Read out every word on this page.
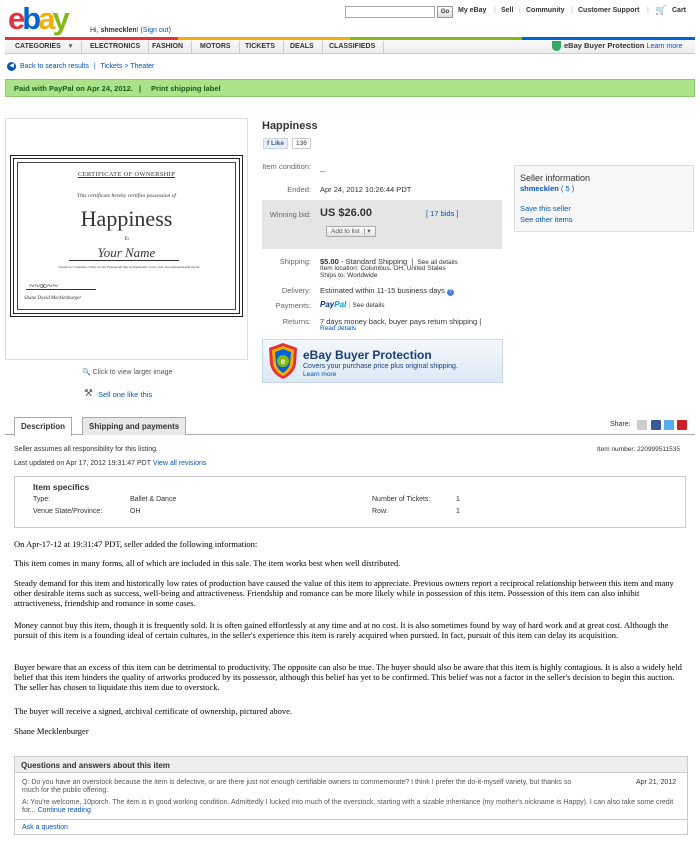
ebay	Hi, shmecklen! (Sign out)
Go	My eBay | Sell | Community | Customer Support | 🛒 Cart
CATEGORIES ▾	ELECTRONICS	FASHION	MOTORS	TICKETS	DEALS	CLASSIFIEDS	eBay Buyer Protection Learn more
◀ Back to search results | Tickets > Theater
Paid with PayPal on Apr 24, 2012. | Print shipping label
CERTIFICATE OF OWNERSHIP
This certificate hereby certifies possession of
Happiness
To
Your Name
Issued on Columbus, Ohio, on the Fourteenth day of September, in the year two-thousand and twelve
~~∞~~
Shane David Mecklenburger
🔍 Click to view larger image
⚒ Sell one like this
Happiness
f Like	136
Item condition:
--
Ended: Apr 24, 2012 10:26:44 PDT
Winning bid: US $26.00	[ 17 bids ]
Add to list ▾
Shipping: $5.00 - Standard Shipping | See all details
Item location: Columbus, OH, United States
Ships to: Worldwide
Delivery: Estimated within 11-15 business days ?
Payments: PayPal | See details
Returns: 7 days money back, buyer pays return shipping |
Read details
e eBay Buyer Protection
Covers your purchase price plus original shipping.
Learn more
Seller information
shmecklen ( 5 )
Save this seller
See other items
Description	Shipping and payments	Share:
Seller assumes all responsibility for this listing.	Item number: 220999511535
Last updated on Apr 17, 2012 19:31:47 PDT View all revisions
Item specifics
Type:	Ballet & Dance	Number of Tickets:	1
Venue State/Province:	OH	Row:	1
On Apr-17-12 at 19:31:47 PDT, seller added the following information:
This item comes in many forms, all of which are included in this sale. The item works best when well distributed.
Steady demand for this item and historically low rates of production have caused the value of this item to appreciate. Previous owners report a reciprocal relationship between this item and many other desirable items such as success, well-being and attractiveness. Friendship and romance can be more likely while in possession of this item. Possession of this item can also inhibit attractiveness, friendship and romance in some cases.
Money cannot buy this item, though it is frequently sold. It is often gained effortlessly at any time and at no cost. It is also sometimes found by way of hard work and at great cost. Although the pursuit of this item is a founding ideal of certain cultures, in the seller's experience this item is rarely acquired when pursued. In fact, pursuit of this item can delay its acquisition.
Buyer beware that an excess of this item can be detrimental to productivity. The opposite can also be true. The buyer should also be aware that this item is highly contagious. It is also a widely held belief that this item hinders the quality of artworks produced by its possessor, although this belief has yet to be confirmed. This belief was not a factor in the seller's decision to begin this auction. The seller has chosen to liquidate this item due to overstock.
The buyer will receive a signed, archival certificate of ownership, pictured above.
Shane Mecklenburger
Questions and answers about this item
Q: Do you have an overstock because the item is defective, or are there just not enough certifiable owners to commemorate? I think I prefer the do-it-myself variety, but thanks so much for the public offering.
Apr 21, 2012
A: You're welcome, 10porch. The item is in good working condition. Admittedly I lucked into much of the overstock, starting with a sizable inheritance (my mother's nickname is Happy). I can also take some credit for... Continue reading
Ask a question
